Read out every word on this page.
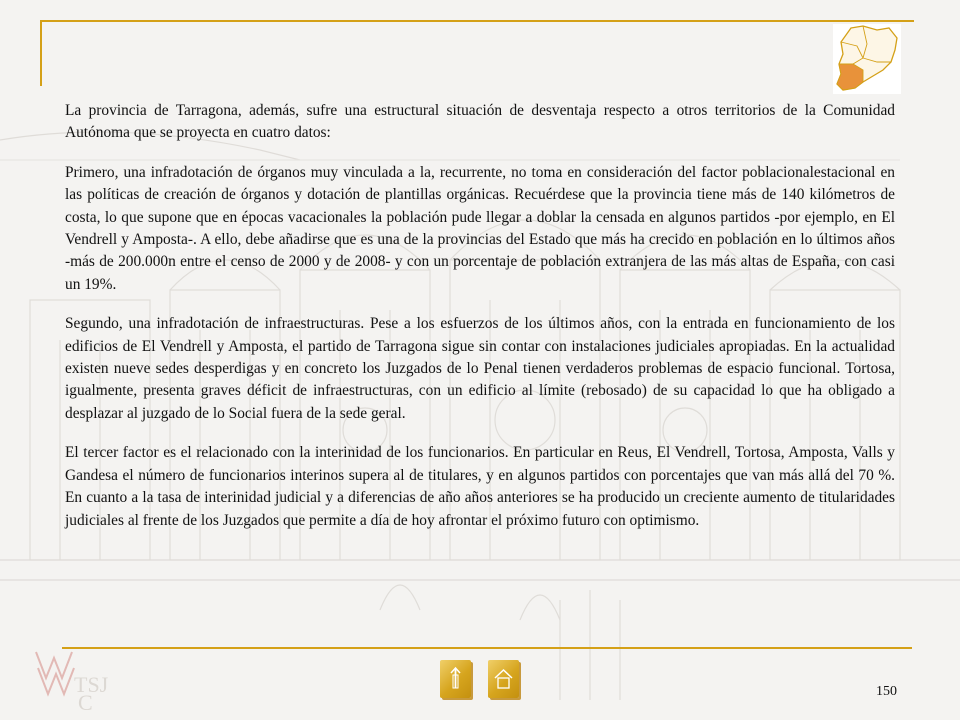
La provincia de Tarragona, además, sufre una estructural situación de desventaja respecto a otros territorios de la Comunidad Autónoma que se proyecta en cuatro datos:

Primero, una infradotación de órganos muy vinculada a la, recurrente, no toma en consideración del factor poblacionalestacional en las políticas de creación de órganos y dotación de plantillas orgánicas. Recuérdese que la provincia tiene más de 140 kilómetros de costa, lo que supone que en épocas vacacionales la población pude llegar a doblar la censada en algunos partidos -por ejemplo, en El Vendrell y Amposta-. A ello, debe añadirse que es una de la provincias del Estado que más ha crecido en población en lo últimos años -más de 200.000n entre el censo de 2000 y de 2008- y con un porcentaje de población extranjera de las más altas de España, con casi un 19%.

Segundo, una infradotación de infraestructuras. Pese a los esfuerzos de los últimos años, con la entrada en funcionamiento de los edificios de El Vendrell y Amposta, el partido de Tarragona sigue sin contar con instalaciones judiciales apropiadas. En la actualidad existen nueve sedes desperdigas y en concreto los Juzgados de lo Penal tienen verdaderos problemas de espacio funcional. Tortosa, igualmente, presenta graves déficit de infraestructuras, con un edificio al límite (rebosado) de su capacidad lo que ha obligado a desplazar al juzgado de lo Social fuera de la sede geral.

El tercer factor es el relacionado con la interinidad de los funcionarios. En particular en Reus, El Vendrell, Tortosa, Amposta, Valls y Gandesa el número de funcionarios interinos supera al de titulares, y en algunos partidos con porcentajes que van más allá del 70 %. En cuanto a la tasa de interinidad judicial y a diferencias de año años anteriores se ha producido un creciente aumento de titularidades judiciales al frente de los Juzgados que permite a día de hoy afrontar el próximo futuro con optimismo.

TSJ
C	150
